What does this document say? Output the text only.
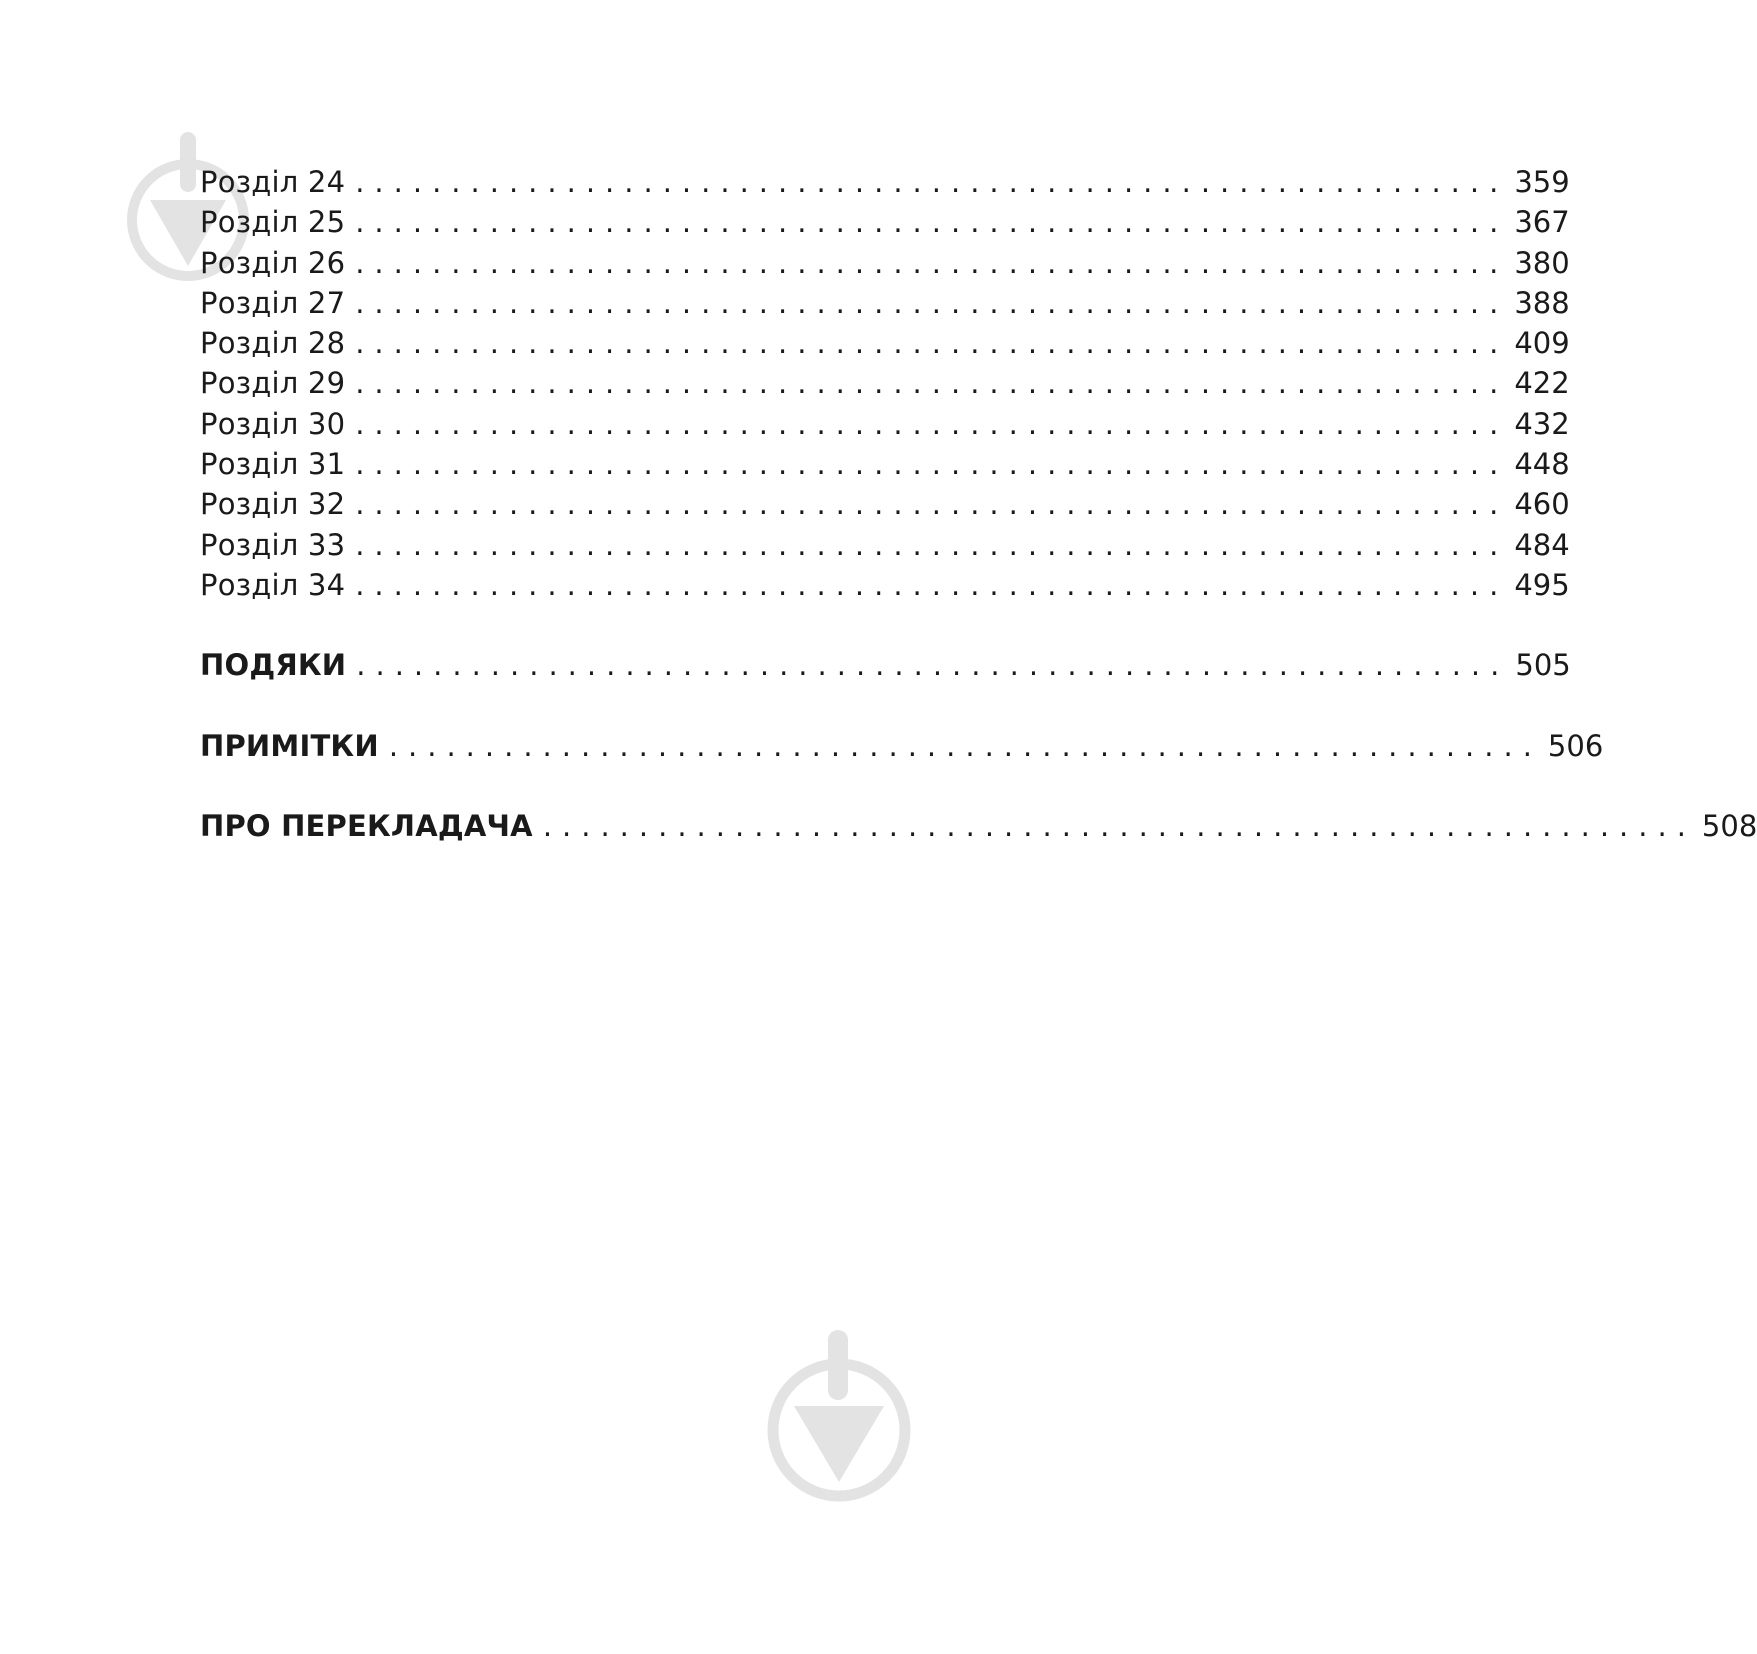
Розділ 24 ............................................................ 359
Розділ 25 ............................................................ 367
Розділ 26 ............................................................ 380
Розділ 27 ............................................................ 388
Розділ 28 ............................................................ 409
Розділ 29 ............................................................ 422
Розділ 30 ............................................................ 432
Розділ 31 ............................................................ 448
Розділ 32 ............................................................ 460
Розділ 33 ............................................................ 484
Розділ 34 ............................................................ 495
ПОДЯКИ ............................................................ 505
ПРИМІТКИ ............................................................ 506
ПРО ПЕРЕКЛАДАЧА ............................................................ 508
